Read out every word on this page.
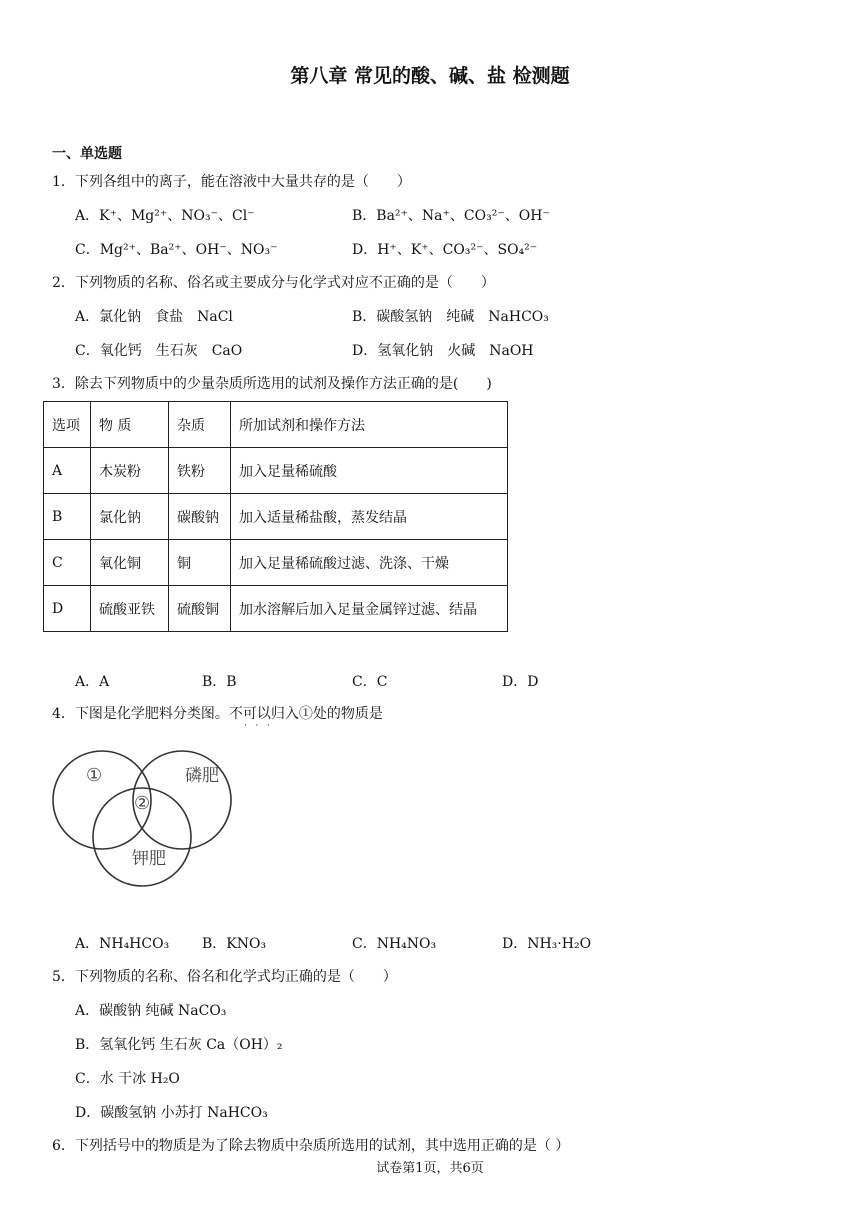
第八章 常见的酸、碱、盐 检测题
一、单选题
1．下列各组中的离子，能在溶液中大量共存的是（　　）
A．K⁺、Mg²⁺、NO₃⁻、Cl⁻	B．Ba²⁺、Na⁺、CO₃²⁻、OH⁻
C．Mg²⁺、Ba²⁺、OH⁻、NO₃⁻	D．H⁺、K⁺、CO₃²⁻、SO₄²⁻
2．下列物质的名称、俗名或主要成分与化学式对应不正确的是（　　）
A．氯化钠　食盐　NaCl	B．碳酸氢钠　纯碱　NaHCO₃
C．氧化钙　生石灰　CaO	D．氢氧化钠　火碱　NaOH
3．除去下列物质中的少量杂质所选用的试剂及操作方法正确的是(　　)
选项	物 质	杂质	所加试剂和操作方法
A	木炭粉	铁粉	加入足量稀硫酸
B	氯化钠	碳酸钠	加入适量稀盐酸，蒸发结晶
C	氧化铜	铜	加入足量稀硫酸过滤、洗涤、干燥
D	硫酸亚铁	硫酸铜	加水溶解后加入足量金属锌过滤、结晶
A．A	B．B	C．C	D．D
4．下图是化学肥料分类图。不可以归入①处的物质是
·   ·   ·
①
②
磷肥
钾肥
A．NH₄HCO₃ B．KNO₃	C．NH₄NO₃	D．NH₃·H₂O
5．下列物质的名称、俗名和化学式均正确的是（　　）
A．碳酸钠 纯碱 NaCO₃
B．氢氧化钙 生石灰 Ca（OH）₂
C．水 干冰 H₂O
D．碳酸氢钠 小苏打 NaHCO₃
6．下列括号中的物质是为了除去物质中杂质所选用的试剂，其中选用正确的是（ ）
试卷第1页，共6页
